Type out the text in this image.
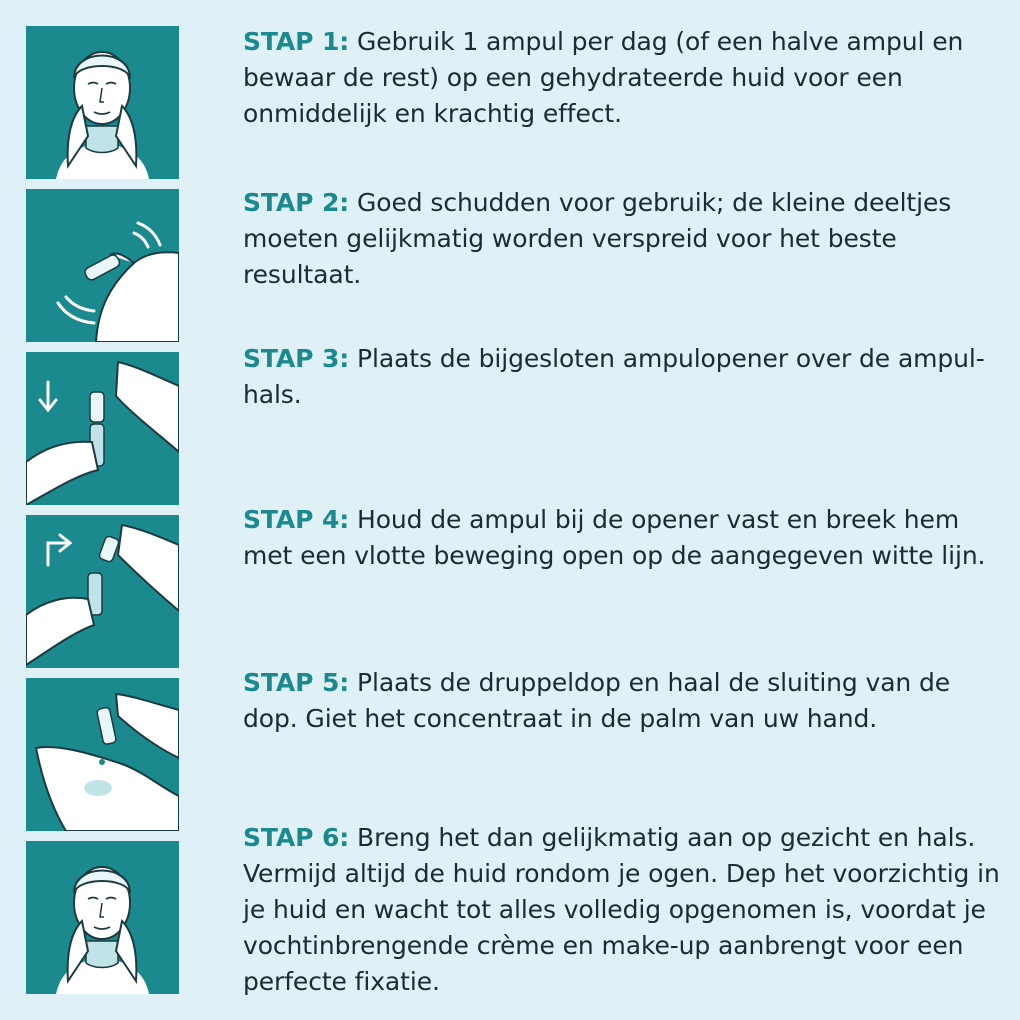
STAP 1: Gebruik 1 ampul per dag (of een halve ampul en bewaar de rest) op een gehydrateerde huid voor een onmiddelijk en krachtig effect.
STAP 2: Goed schudden voor gebruik; de kleine deeltjes moeten gelijkmatig worden verspreid voor het beste resultaat.
STAP 3: Plaats de bijgesloten ampulopener over de ampul-hals.
STAP 4: Houd de ampul bij de opener vast en breek hem met een vlotte beweging open op de aangegeven witte lijn.
STAP 5: Plaats de druppeldop en haal de sluiting van de dop. Giet het concentraat in de palm van uw hand.
STAP 6: Breng het dan gelijkmatig aan op gezicht en hals. Vermijd altijd de huid rondom je ogen. Dep het voorzichtig in je huid en wacht tot alles volledig opgenomen is, voordat je vochtinbrengende crème en make-up aanbrengt voor een perfecte fixatie.
